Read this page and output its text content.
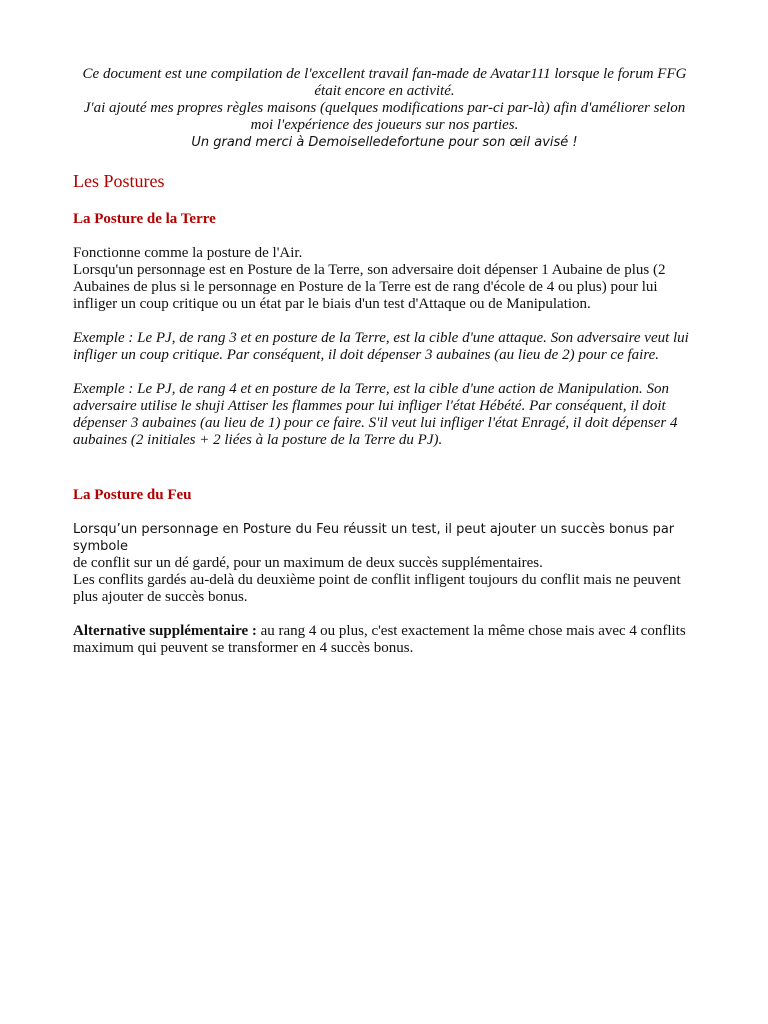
Ce document est une compilation de l'excellent travail fan-made de Avatar111 lorsque le forum FFG était encore en activité.

J'ai ajouté mes propres règles maisons (quelques modifications par-ci par-là) afin d'améliorer selon moi l'expérience des joueurs sur nos parties.

Un grand merci à Demoiselledefortune pour son œil avisé !

Les Postures
La Posture de la Terre

Fonctionne comme la posture de l'Air.

Lorsqu'un personnage est en Posture de la Terre, son adversaire doit dépenser 1 Aubaine de plus (2 Aubaines de plus si le personnage en Posture de la Terre est de rang d'école de 4 ou plus) pour lui infliger un coup critique ou un état par le biais d'un test d'Attaque ou de Manipulation.

Exemple : Le PJ, de rang 3 et en posture de la Terre, est la cible d'une attaque. Son adversaire veut lui infliger un coup critique. Par conséquent, il doit dépenser 3 aubaines (au lieu de 2) pour ce faire.

Exemple : Le PJ, de rang 4 et en posture de la Terre, est la cible d'une action de Manipulation. Son adversaire utilise le shuji Attiser les flammes pour lui infliger l'état Hébété. Par conséquent, il doit dépenser 3 aubaines (au lieu de 1) pour ce faire. S'il veut lui infliger l'état Enragé, il doit dépenser 4 aubaines (2 initiales + 2 liées à la posture de la Terre du PJ).

La Posture du Feu

Lorsqu’un personnage en Posture du Feu réussit un test, il peut ajouter un succès bonus par symbole

de conflit sur un dé gardé, pour un maximum de deux succès supplémentaires.

Les conflits gardés au-delà du deuxième point de conflit infligent toujours du conflit mais ne peuvent plus ajouter de succès bonus.

Alternative supplémentaire : au rang 4 ou plus, c'est exactement la même chose mais avec 4 conflits maximum qui peuvent se transformer en 4 succès bonus.
